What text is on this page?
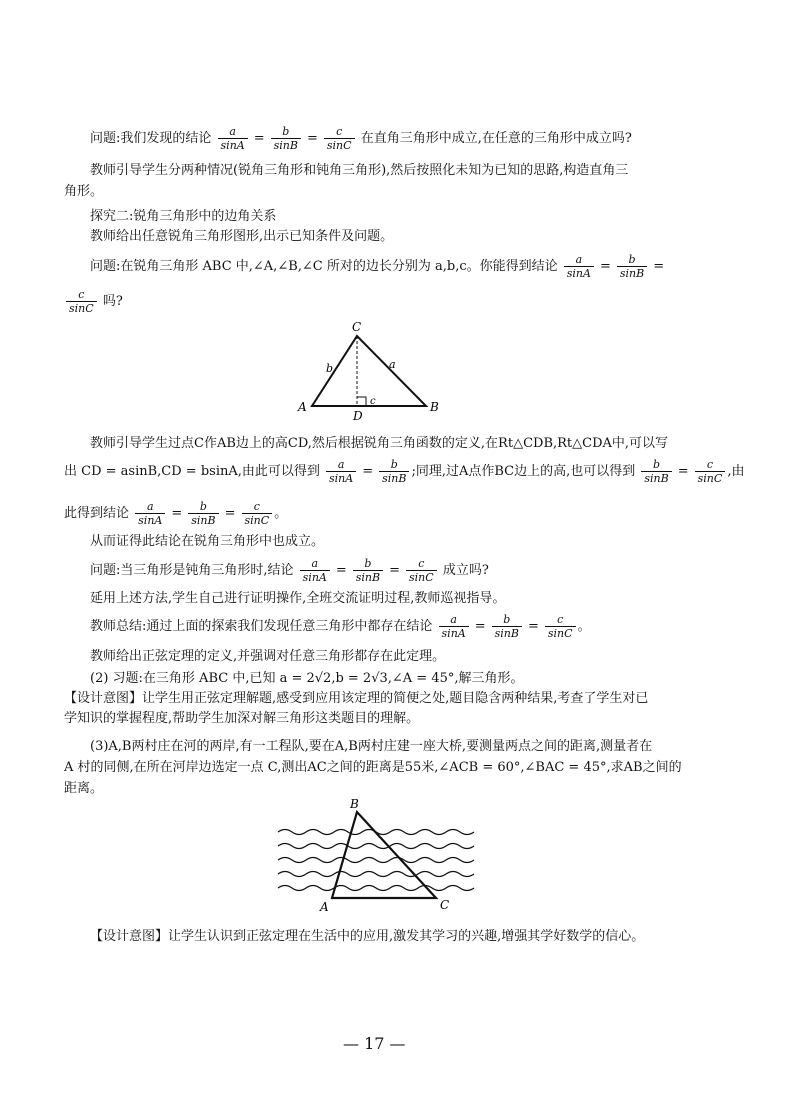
问题:我们发现的结论 $\frac{a}{\sin A} = \frac{b}{\sin B} = \frac{c}{\sin C}$ 在直角三角形中成立,在任意的三角形中成立吗?
教师引导学生分两种情况(锐角三角形和钝角三角形),然后按照化未知为已知的思路,构造直角三
角形。
探究二:锐角三角形中的边角关系
教师给出任意锐角三角形图形,出示已知条件及问题。
问题:在锐角三角形 ABC 中,∠A,∠B,∠C 所对的边长分别为 a,b,c。你能得到结论 $\frac{a}{\sin A} = \frac{b}{\sin B}$ =
$\frac{c}{\sin C}$ 吗?
C
A	B
D
b	a
c
教师引导学生过点C作AB边上的高CD,然后根据锐角三角函数的定义,在Rt△CDB,Rt△CDA中,可以写
出 CD = asinB,CD = bsinA,由此可以得到 $\frac{a}{\sin A} = \frac{b}{\sin B}$ ;同理,过A点作BC边上的高,也可以得到 $\frac{b}{\sin B} = \frac{c}{\sin C}$ ,由
此得到结论 $\frac{a}{\sin A} = \frac{b}{\sin B} = \frac{c}{\sin C}$ 。
从而证得此结论在锐角三角形中也成立。
问题:当三角形是钝角三角形时,结论 $\frac{a}{\sin A} = \frac{b}{\sin B} = \frac{c}{\sin C}$ 成立吗?
延用上述方法,学生自己进行证明操作,全班交流证明过程,教师巡视指导。
教师总结:通过上面的探索我们发现任意三角形中都存在结论 $\frac{a}{\sin A} = \frac{b}{\sin B} = \frac{c}{\sin C}$ 。
教师给出正弦定理的定义,并强调对任意三角形都存在此定理。
(2) 习题:在三角形 ABC 中,已知 a = 2√2,b = 2√3,∠A = 45°,解三角形。
【设计意图】让学生用正弦定理解题,感受到应用该定理的简便之处,题目隐含两种结果,考查了学生对已
学知识的掌握程度,帮助学生加深对解三角形这类题目的理解。
(3)A,B两村庄在河的两岸,有一工程队,要在A,B两村庄建一座大桥,要测量两点之间的距离,测量者在
A 村的同侧,在所在河岸边选定一点 C,测出AC之间的距离是55米,∠ACB = 60°,∠BAC = 45°,求AB之间的
距离。
B
A	C
【设计意图】让学生认识到正弦定理在生活中的应用,激发其学习的兴趣,增强其学好数学的信心。
— 17 —
